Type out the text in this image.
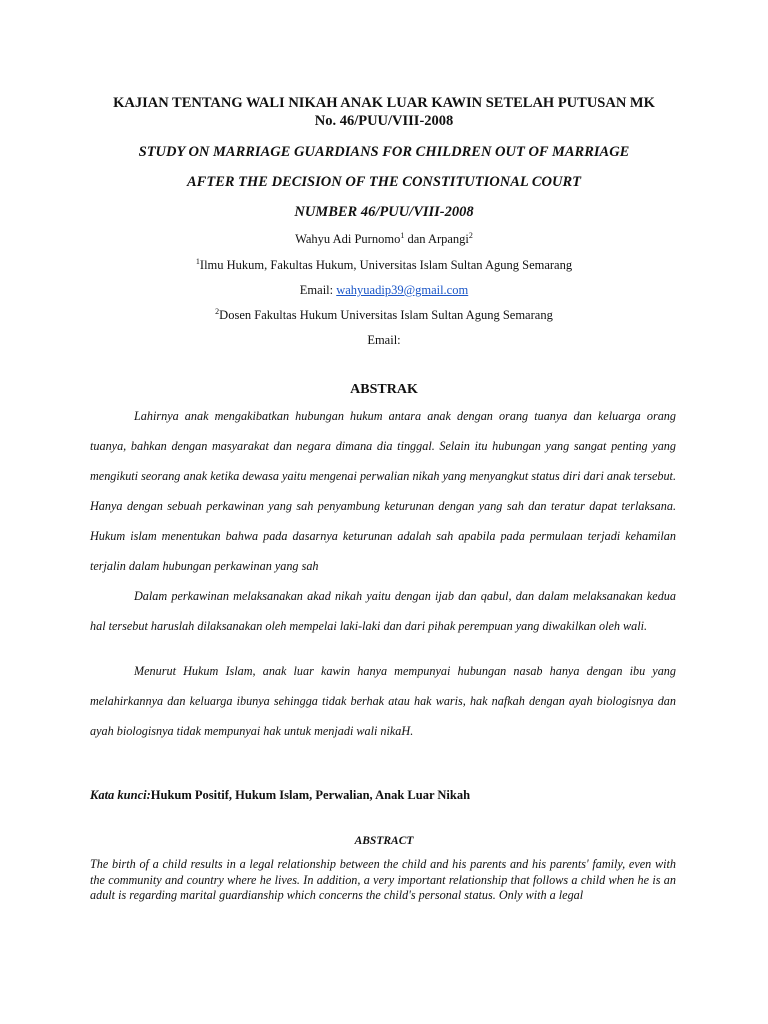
KAJIAN TENTANG WALI NIKAH ANAK LUAR KAWIN SETELAH PUTUSAN MK
No. 46/PUU/VIII-2008
STUDY ON MARRIAGE GUARDIANS FOR CHILDREN OUT OF MARRIAGE
AFTER THE DECISION OF THE CONSTITUTIONAL COURT
NUMBER 46/PUU/VIII-2008
Wahyu Adi Purnomo$^1$ dan Arpangi$^2$
$^1$Ilmu Hukum, Fakultas Hukum, Universitas Islam Sultan Agung Semarang
Email: wahyuadip39@gmail.com
$^2$Dosen Fakultas Hukum Universitas Islam Sultan Agung Semarang
Email:
ABSTRAK

Lahirnya anak mengakibatkan hubungan hukum antara anak dengan orang tuanya dan keluarga orang tuanya, bahkan dengan masyarakat dan negara dimana dia tinggal. Selain itu hubungan yang sangat penting yang mengikuti seorang anak ketika dewasa yaitu mengenai perwalian nikah yang menyangkut status diri dari anak tersebut. Hanya dengan sebuah perkawinan yang sah penyambung keturunan dengan yang sah dan teratur dapat terlaksana. Hukum islam menentukan bahwa pada dasarnya keturunan adalah sah apabila pada permulaan terjadi kehamilan terjalin dalam hubungan perkawinan yang sah

Dalam perkawinan melaksanakan akad nikah yaitu dengan ijab dan qabul, dan dalam melaksanakan kedua hal tersebut haruslah dilaksanakan oleh mempelai laki-laki dan dari pihak perempuan yang diwakilkan oleh wali.

Menurut Hukum Islam, anak luar kawin hanya mempunyai hubungan nasab hanya dengan ibu yang melahirkannya dan keluarga ibunya sehingga tidak berhak atau hak waris, hak nafkah dengan ayah biologisnya dan ayah biologisnya tidak mempunyai hak untuk menjadi wali nikaH.

Kata kunci:Hukum Positif, Hukum Islam, Perwalian, Anak Luar Nikah
ABSTRACT

The birth of a child results in a legal relationship between the child and his parents and his parents' family, even with the community and country where he lives. In addition, a very important relationship that follows a child when he is an adult is regarding marital guardianship which concerns the child's personal status. Only with a legal
